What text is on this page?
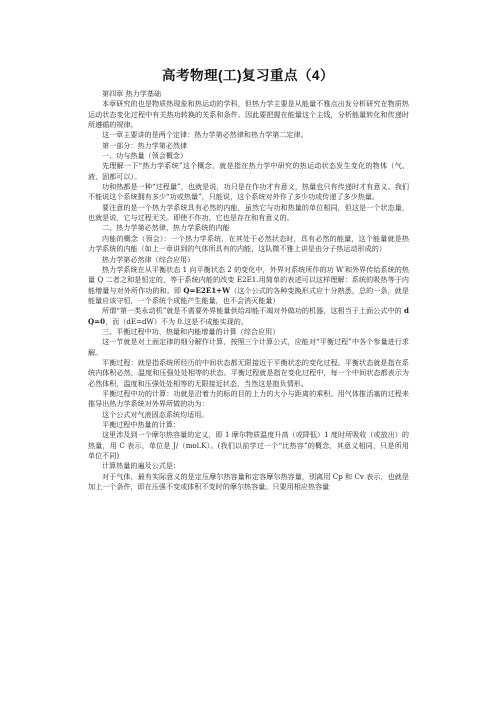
高考物理(工)复习重点（4）

第四章 热力学基础

本章研究的也是物质热现象和热运动的学科，但热力学主要是从能量不雅点出发分析研究在物质热运动状态变化过程中有关热功转换的关系和条件。因此要把握在能量这个主线，分析能量转化和传递时所遵循的规律。

这一章主要讲的是两个定律：热力学第必然律和热力学第二定律。

第一部分：热力学第必然律

一、功与热量（领会概念）

先理解一下“热力学系统”这个概念，就是指在热力学中研究的热运动状态发生变化的物体（气、液、固都可以）。

功和热都是一种“过程量”，也就是说，功只是在作功才有意义，热量也只有传递时才有意义。我们不能说这个系统拥有多少“功或热量”，只能说，这个系统对外作了多少功或传递了多少热量。

要注意的是一个热力学系统具有必然的内能，虽然它与功和热量的单位相同，但这是一个状态量，也就是说，它与过程无关。即使不作功，它也是存在和有意义的。

二、热力学第必然律、热力学系统的内能

内能的概念（领会）：一个热力学系统，在其处于必然状态时，具有必然的能量，这个能量就是热力学系统的内能（如上一章讲到的气体所具有的内能，这队微不雅上讲是由分子热运动形成的）

热力学第必然律（综合应用）

热力学系统在从平衡状态 1 向平衡状态 2 的变化中，外界对系统所作的功 W′和外界传给系统的热量 Q 二者之和是恒定的，等于系统内能的改变 E2E1.用简单的表述可以这样理解：系统的吸热等于内能增量与对外所作功的和。即 Q=E2E1+W（这个公式的各种变换形式应十分熟悉，总的一条，就是能量应该守恒，一个系统个成能产生能量，也不会消灭能量）

所谓“第一类永动机”就是不需要外界能量供给却能不竭对外做功的机器，这相当于上面公式中的 dQ=0，而（dE=dW）不为 0.这是不成能实现的。

三、平衡过程中功、热量和内能增量的计算（综合应用）

这一节就是对上面定律的细分解作计算，按照三个计算公式，应能对“平衡过程”中各个参量进行求解。

平衡过程：就是指系统所经历的中间状态都无限接近于平衡状态的变化过程。平衡状态就是指在系统内体积必然，温度和压强处处相等的状态。平衡过程就是指在变化过程中，每一个中间状态都表示为必然体积，温度和压强处处相等的无限接近状态，当然这是抱负情形。

平衡过程中功的计算：功就是沿着力的标的目的上力的大小与距离的乘积。用气体推活塞的过程来推导出热力学系统对外界所做的功为：

这个公式对气液固态系统均适用。

平衡过程中热量的计算：

这里涉及到一个摩尔热容量的定义，即 1 摩尔物质温度升高（或降低）1 度时所吸收（或放出）的热量，用 C 表示，单位是 J/（mol.K）。(我们以前学过一个“比热容”的概念，其意义相同，只是所用单位不同)

计算热量的遍及公式是：

对于气体，最有实际意义的是定压摩尔热容量和定容摩尔热容量，别离用 Cp 和 Cv 表示，也就是加上一个条件，即在压强不变或体积不变时的摩尔热容量。只要用相应热容量
